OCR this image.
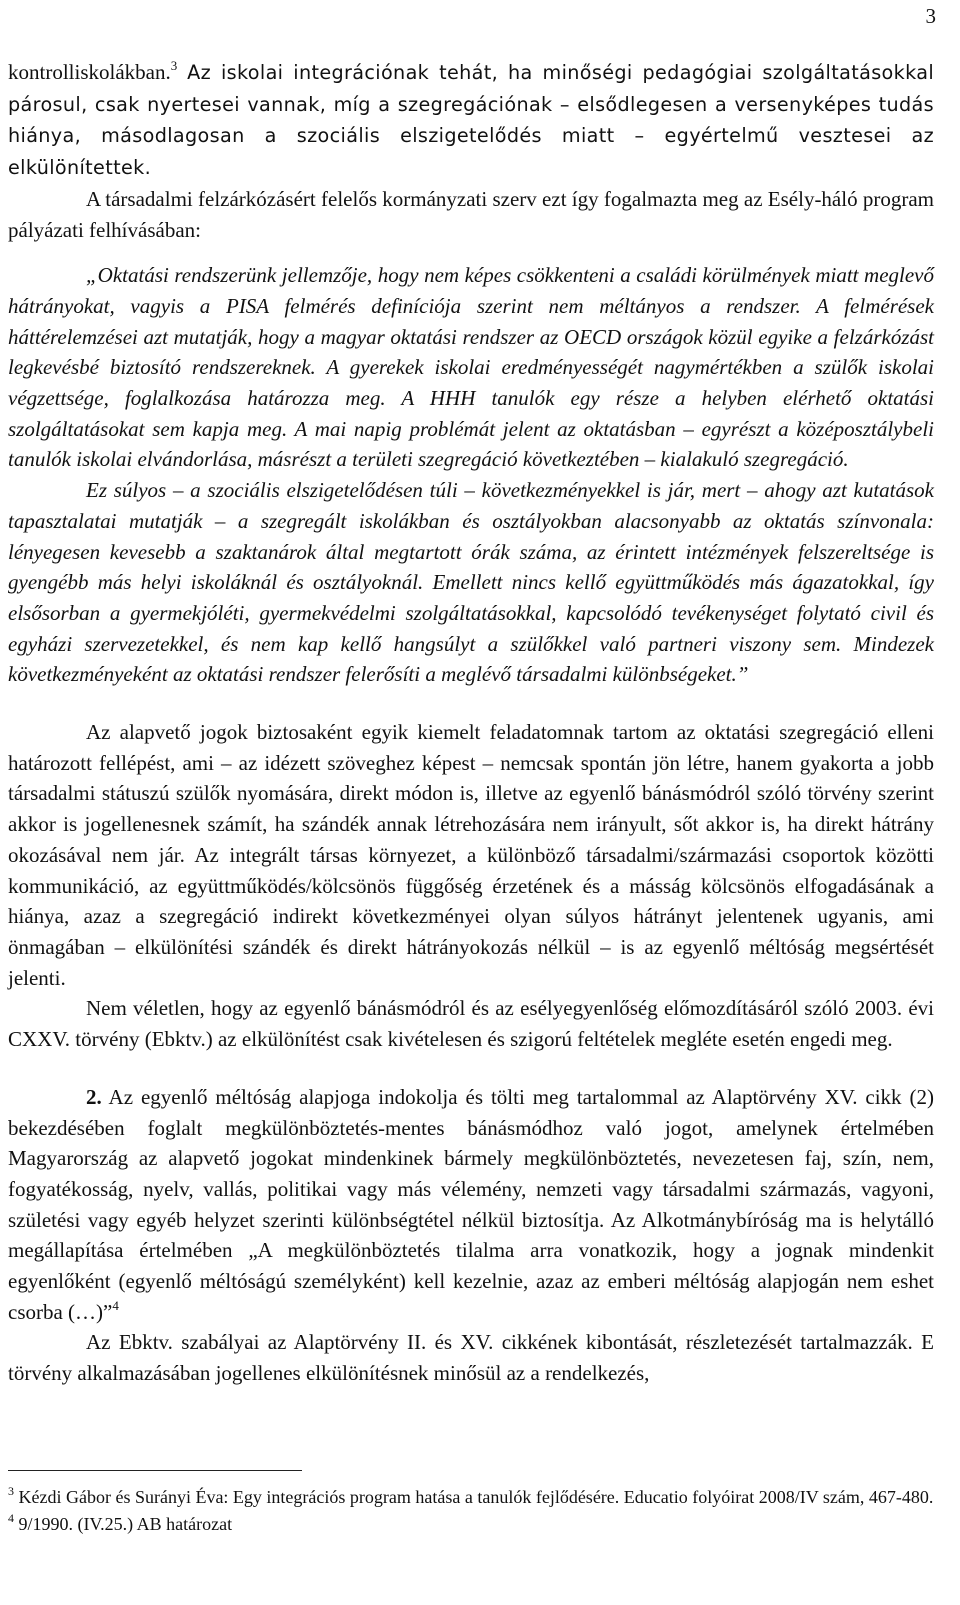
3

kontrolliskolákban.$^3$ Az iskolai integrációnak tehát, ha minőségi pedagógiai szolgáltatásokkal párosul, csak nyertesei vannak, míg a szegregációnak – elsődlegesen a versenyképes tudás hiánya, másodlagosan a szociális elszigetelődés miatt – egyértelmű vesztesei az elkülönítettek.

A társadalmi felzárkózásért felelős kormányzati szerv ezt így fogalmazta meg az Esély-háló program pályázati felhívásában:

„Oktatási rendszerünk jellemzője, hogy nem képes csökkenteni a családi körülmények miatt meglevő hátrányokat, vagyis a PISA felmérés definíciója szerint nem méltányos a rendszer. A felmérések háttérelemzései azt mutatják, hogy a magyar oktatási rendszer az OECD országok közül egyike a felzárkózást legkevésbé biztosító rendszereknek. A gyerekek iskolai eredményességét nagymértékben a szülők iskolai végzettsége, foglalkozása határozza meg. A HHH tanulók egy része a helyben elérhető oktatási szolgáltatásokat sem kapja meg. A mai napig problémát jelent az oktatásban – egyrészt a középosztálybeli tanulók iskolai elvándorlása, másrészt a területi szegregáció következtében – kialakuló szegregáció.

Ez súlyos – a szociális elszigetelődésen túli – következményekkel is jár, mert – ahogy azt kutatások tapasztalatai mutatják – a szegregált iskolákban és osztályokban alacsonyabb az oktatás színvonala: lényegesen kevesebb a szaktanárok által megtartott órák száma, az érintett intézmények felszereltsége is gyengébb más helyi iskoláknál és osztályoknál. Emellett nincs kellő együttműködés más ágazatokkal, így elsősorban a gyermekjóléti, gyermekvédelmi szolgáltatásokkal, kapcsolódó tevékenységet folytató civil és egyházi szervezetekkel, és nem kap kellő hangsúlyt a szülőkkel való partneri viszony sem. Mindezek következményeként az oktatási rendszer felerősíti a meglévő társadalmi különbségeket.”

Az alapvető jogok biztosaként egyik kiemelt feladatomnak tartom az oktatási szegregáció elleni határozott fellépést, ami – az idézett szöveghez képest – nemcsak spontán jön létre, hanem gyakorta a jobb társadalmi státuszú szülők nyomására, direkt módon is, illetve az egyenlő bánásmódról szóló törvény szerint akkor is jogellenesnek számít, ha szándék annak létrehozására nem irányult, sőt akkor is, ha direkt hátrány okozásával nem jár. Az integrált társas környezet, a különböző társadalmi/származási csoportok közötti kommunikáció, az együttműködés/kölcsönös függőség érzetének és a másság kölcsönös elfogadásának a hiánya, azaz a szegregáció indirekt következményei olyan súlyos hátrányt jelentenek ugyanis, ami önmagában – elkülönítési szándék és direkt hátrányokozás nélkül – is az egyenlő méltóság megsértését jelenti.

Nem véletlen, hogy az egyenlő bánásmódról és az esélyegyenlőség előmozdításáról szóló 2003. évi CXXV. törvény (Ebktv.) az elkülönítést csak kivételesen és szigorú feltételek megléte esetén engedi meg.

2. Az egyenlő méltóság alapjoga indokolja és tölti meg tartalommal az Alaptörvény XV. cikk (2) bekezdésében foglalt megkülönböztetés-mentes bánásmódhoz való jogot, amelynek értelmében Magyarország az alapvető jogokat mindenkinek bármely megkülönböztetés, nevezetesen faj, szín, nem, fogyatékosság, nyelv, vallás, politikai vagy más vélemény, nemzeti vagy társadalmi származás, vagyoni, születési vagy egyéb helyzet szerinti különbségtétel nélkül biztosítja. Az Alkotmánybíróság ma is helytálló megállapítása értelmében „A megkülönböztetés tilalma arra vonatkozik, hogy a jognak mindenkit egyenlőként (egyenlő méltóságú személyként) kell kezelnie, azaz az emberi méltóság alapjogán nem eshet csorba (…)”$^4$

Az Ebktv. szabályai az Alaptörvény II. és XV. cikkének kibontását, részletezését tartalmazzák. E törvény alkalmazásában jogellenes elkülönítésnek minősül az a rendelkezés,

$^3$ Kézdi Gábor és Surányi Éva: Egy integrációs program hatása a tanulók fejlődésére. Educatio folyóirat 2008/IV szám, 467-480.

$^4$ 9/1990. (IV.25.) AB határozat
